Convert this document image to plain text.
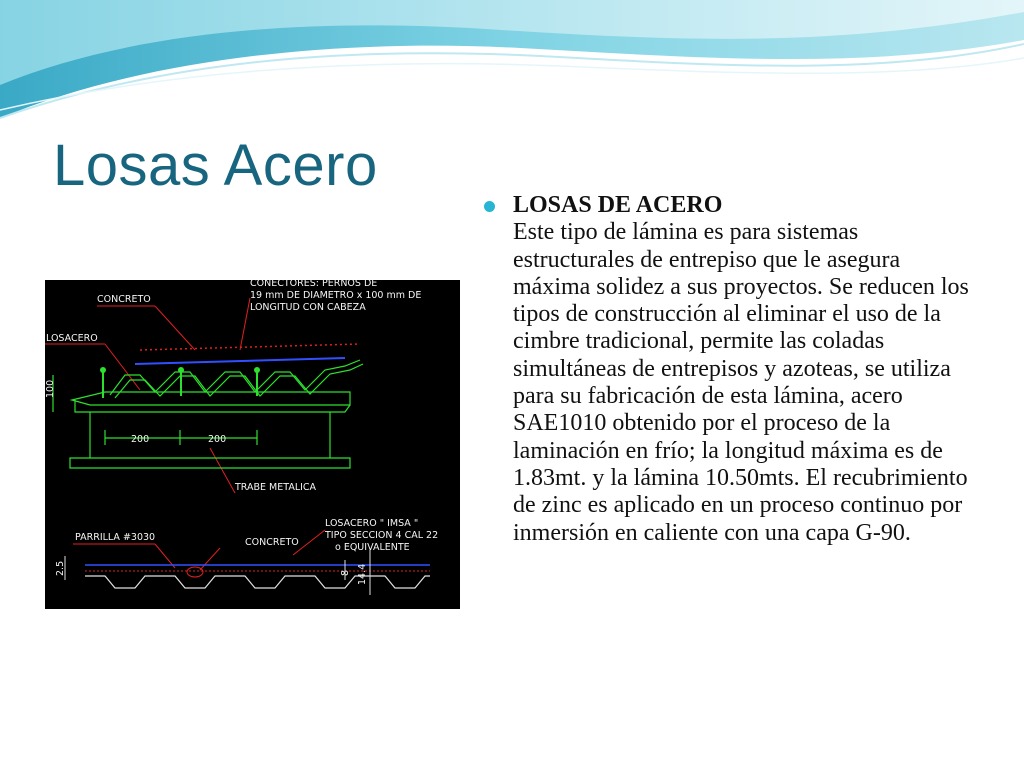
Losas Acero
CONECTORES: PERNOS DE
19 mm DE DIAMETRO x 100 mm DE
LONGITUD CON CABEZA
CONCRETO
LOSACERO
100
200	200
TRABE METALICA
LOSACERO " IMSA "
TIPO SECCION 4 CAL 22
o EQUIVALENTE
PARRILLA #3030	CONCRETO
2.5	8 14.4
LOSAS DE ACERO
Este tipo de lámina es para sistemas estructurales de entrepiso que le asegura máxima solidez a sus proyectos. Se reducen los tipos de construcción al eliminar el uso de la cimbre tradicional, permite las coladas simultáneas de entrepisos y azoteas, se utiliza para su fabricación de esta lámina, acero SAE1010 obtenido por el proceso de la laminación en frío; la longitud máxima es de 1.83mt. y la lámina 10.50mts. El recubrimiento de zinc es aplicado en un proceso continuo por inmersión en caliente con una capa G-90.
